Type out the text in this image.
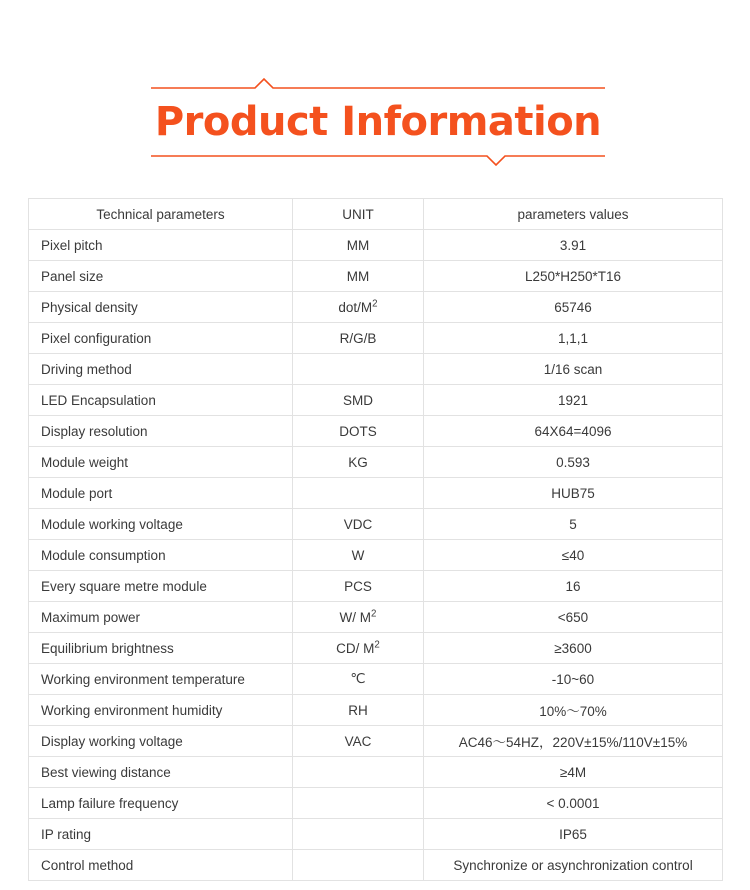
Product Information
Technical parameters	UNIT	parameters values
Pixel pitch	MM	3.91
Panel size	MM	L250*H250*T16
Physical density	dot/$M^2$	65746
Pixel configuration	R/G/B	1,1,1
Driving method		1/16 scan
LED Encapsulation	SMD	1921
Display resolution	DOTS	64X64=4096
Module weight	KG	0.593
Module port		HUB75
Module working voltage	VDC	5
Module consumption	W	≤40
Every square metre module	PCS	16
Maximum power	W/ $M^2$	<650
Equilibrium brightness	CD/ $M^2$	≥3600
Working environment temperature	℃	-10~60
Working environment humidity	RH	10%～70%
Display working voltage	VAC	AC46～54HZ，220V±15%/110V±15%
Best viewing distance		≥4M
Lamp failure frequency		< 0.0001
IP rating		IP65
Control method		Synchronize or asynchronization control
